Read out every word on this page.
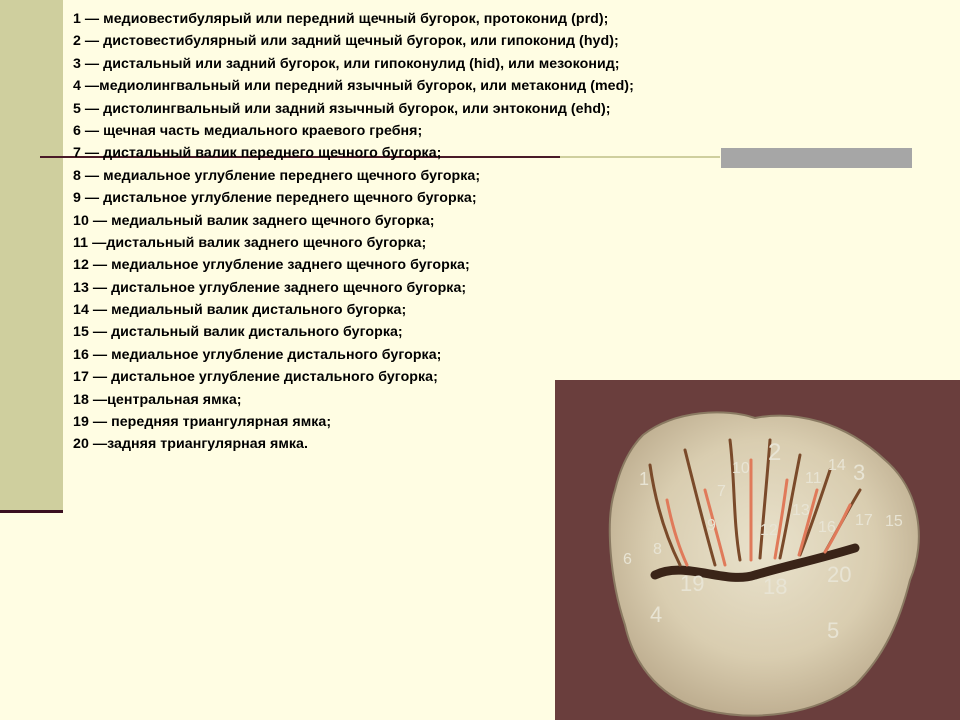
1 — медиовестибулярый или передний щечный бугорок, протоконид (prd);
2 — дистовестибулярный или задний щечный бугорок, или гипоконид (hyd);
3 — дистальный или задний бугорок, или гипоконулид (hid), или мезоконид;
4 —медиолингвальный или передний язычный бугорок, или метаконид (med);
5 — дистолингвальный или задний язычный бугорок, или энтоконид (ehd);
6 — щечная часть медиального краевого гребня;
7 — дистальный валик переднего щечного бугорка;
8 — медиальное углубление переднего щечного бугорка;
9 — дистальное углубление переднего щечного бугорка;
10 — медиальный валик заднего щечного бугорка;
11 —дистальный валик заднего щечного бугорка;
12 — медиальное углубление заднего щечного бугорка;
13 — дистальное углубление заднего щечного бугорка;
14 — медиальный валик дистального бугорка;
15 — дистальный валик дистального бугорка;
16 — медиальное углубление дистального бугорка;
17 — дистальное углубление дистального бугорка;
18 —центральная ямка;
19 — передняя триангулярная ямка;
20 —задняя триангулярная ямка.
1
2
3
4
5
6
7
8
9
10
11
12
13
14
15
16 17
18
19	20
